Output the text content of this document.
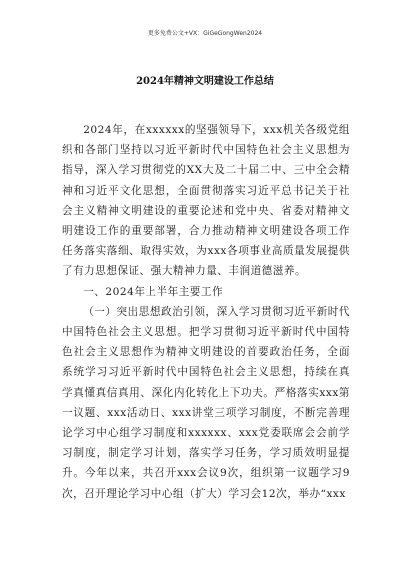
更多免费公文+VX：GiGeGongWen2024
2024年精神文明建设工作总结

2024年，在xxxxxx的坚强领导下，xxx机关各级党组织和各部门坚持以习近平新时代中国特色社会主义思想为指导，深入学习贯彻党的XX大及二十届二中、三中全会精神和习近平文化思想，全面贯彻落实习近平总书记关于社会主义精神文明建设的重要论述和党中央、省委对精神文明建设工作的重要部署，合力推动精神文明建设各项工作任务落实落细、取得实效，为xxx各项事业高质量发展提供了有力思想保证、强大精神力量、丰润道德滋养。

一、2024年上半年主要工作

（一）突出思想政治引领，深入学习贯彻习近平新时代中国特色社会主义思想。把学习贯彻习近平新时代中国特色社会主义思想作为精神文明建设的首要政治任务，全面系统学习习近平新时代中国特色社会主义思想，持续在真学真懂真信真用、深化内化转化上下功夫。严格落实xxx第一议题、xxx活动日、xxx讲堂三项学习制度，不断完善理论学习中心组学习制度和xxxxxx、xxx党委联席会会前学习制度，制定学习计划，落实学习任务，学习质效明显提升。今年以来，共召开xxx会议9次，组织第一议题学习9次，召开理论学习中心组（扩大）学习会12次，举办“xxx
